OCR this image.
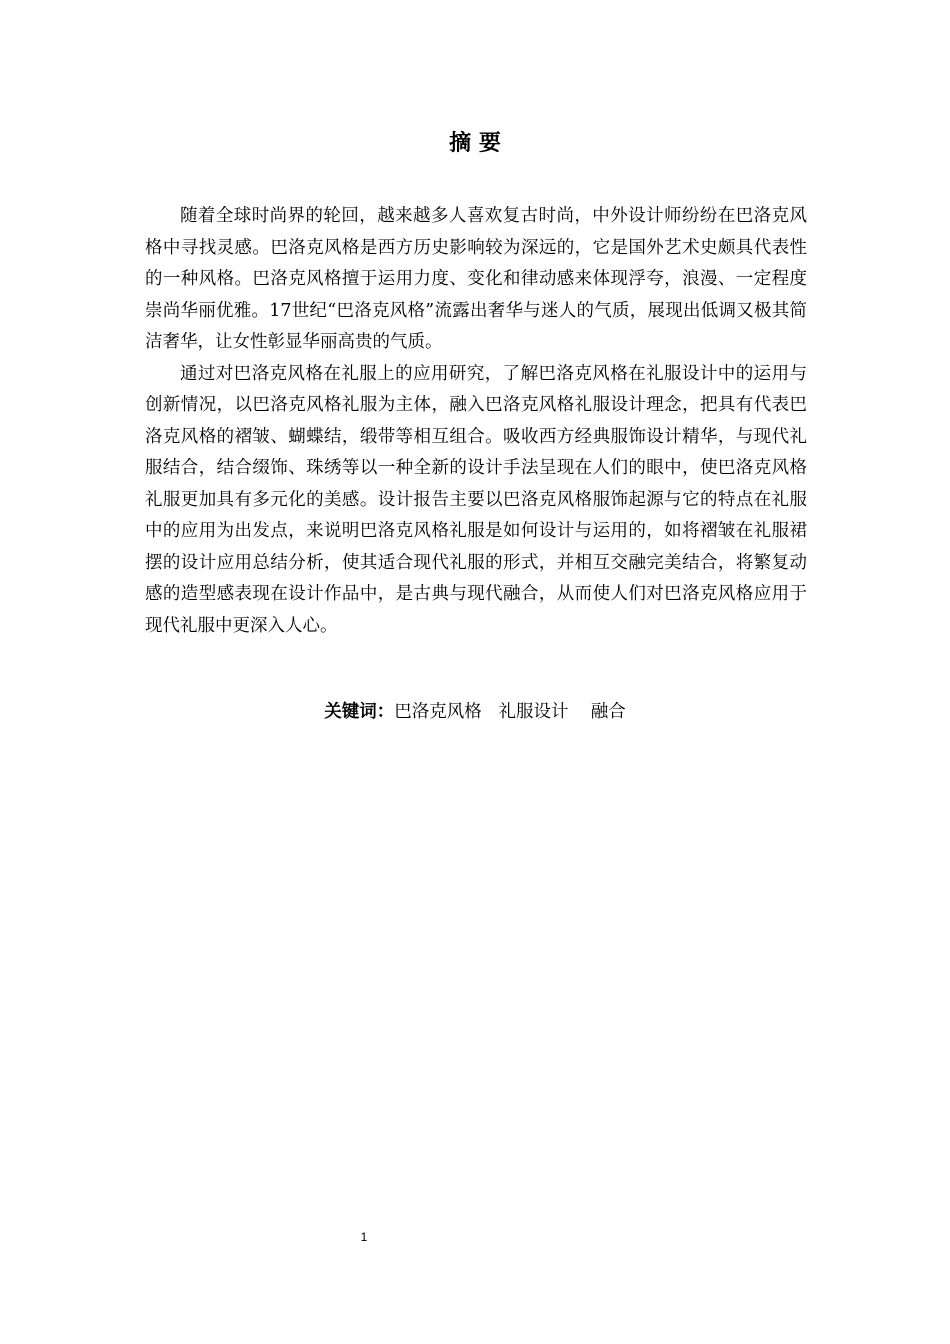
摘 要

随着全球时尚界的轮回，越来越多人喜欢复古时尚，中外设计师纷纷在巴洛克风格中寻找灵感。巴洛克风格是西方历史影响较为深远的，它是国外艺术史颇具代表性的一种风格。巴洛克风格擅于运用力度、变化和律动感来体现浮夸，浪漫、一定程度崇尚华丽优雅。17世纪“巴洛克风格”流露出奢华与迷人的气质，展现出低调又极其简洁奢华，让女性彰显华丽高贵的气质。

通过对巴洛克风格在礼服上的应用研究，了解巴洛克风格在礼服设计中的运用与创新情况，以巴洛克风格礼服为主体，融入巴洛克风格礼服设计理念，把具有代表巴洛克风格的褶皱、蝴蝶结，缎带等相互组合。吸收西方经典服饰设计精华，与现代礼服结合，结合缀饰、珠绣等以一种全新的设计手法呈现在人们的眼中，使巴洛克风格礼服更加具有多元化的美感。设计报告主要以巴洛克风格服饰起源与它的特点在礼服中的应用为出发点，来说明巴洛克风格礼服是如何设计与运用的，如将褶皱在礼服裙摆的设计应用总结分析，使其适合现代礼服的形式，并相互交融完美结合，将繁复动感的造型感表现在设计作品中，是古典与现代融合，从而使人们对巴洛克风格应用于现代礼服中更深入人心。

关键词：巴洛克风格   礼服设计    融合
1
